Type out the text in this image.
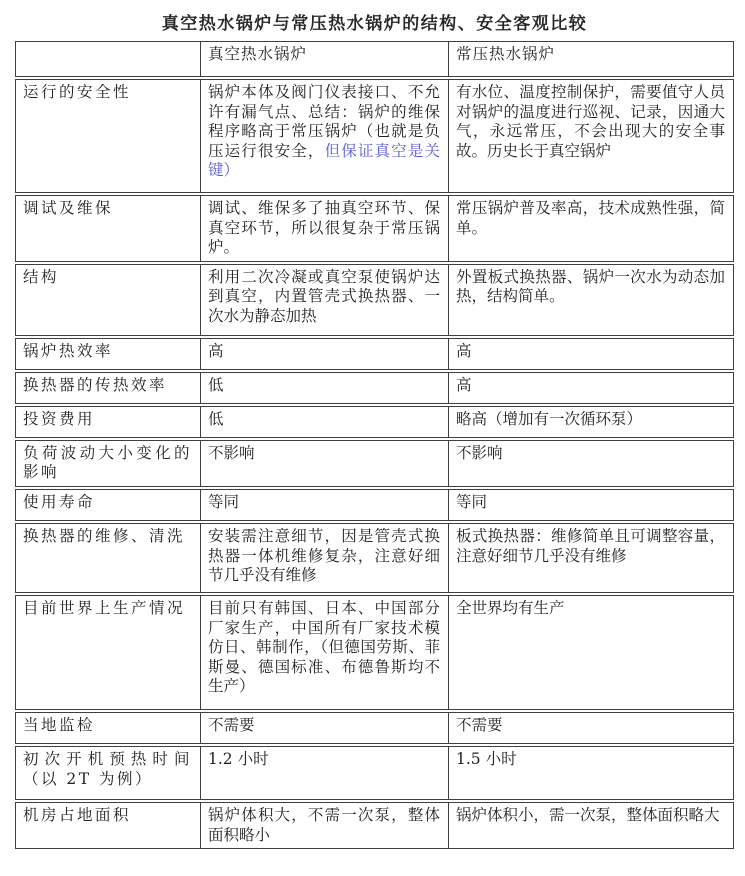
真空热水锅炉与常压热水锅炉的结构、安全客观比较
	真空热水锅炉	常压热水锅炉
运行的安全性	锅炉本体及阀门仪表接口、不允许有漏气点、总结：锅炉的维保程序略高于常压锅炉（也就是负压运行很安全，但保证真空是关键）	有水位、温度控制保护，需要值守人员对锅炉的温度进行巡视、记录，因通大气，永远常压，不会出现大的安全事故。历史长于真空锅炉
调试及维保	调试、维保多了抽真空环节、保真空环节，所以很复杂于常压锅炉。	常压锅炉普及率高，技术成熟性强，简单。
结构	利用二次冷凝或真空泵使锅炉达到真空，内置管壳式换热器、一次水为静态加热	外置板式换热器、锅炉一次水为动态加热，结构简单。
锅炉热效率	高	高
换热器的传热效率	低	高
投资费用	低	略高（增加有一次循环泵）
负荷波动大小变化的影响	不影响	不影响
使用寿命	等同	等同
换热器的维修、清洗	安装需注意细节，因是管壳式换热器一体机维修复杂，注意好细节几乎没有维修	板式换热器：维修简单且可调整容量，注意好细节几乎没有维修
目前世界上生产情况	目前只有韩国、日本、中国部分厂家生产，中国所有厂家技术模仿日、韩制作，（但德国劳斯、菲斯曼、德国标准、布德鲁斯均不生产）	全世界均有生产
当地监检	不需要	不需要
初次开机预热时间（以 2T 为例）	1.2 小时	1.5 小时
机房占地面积	锅炉体积大，不需一次泵，整体面积略小	锅炉体积小，需一次泵，整体面积略大
